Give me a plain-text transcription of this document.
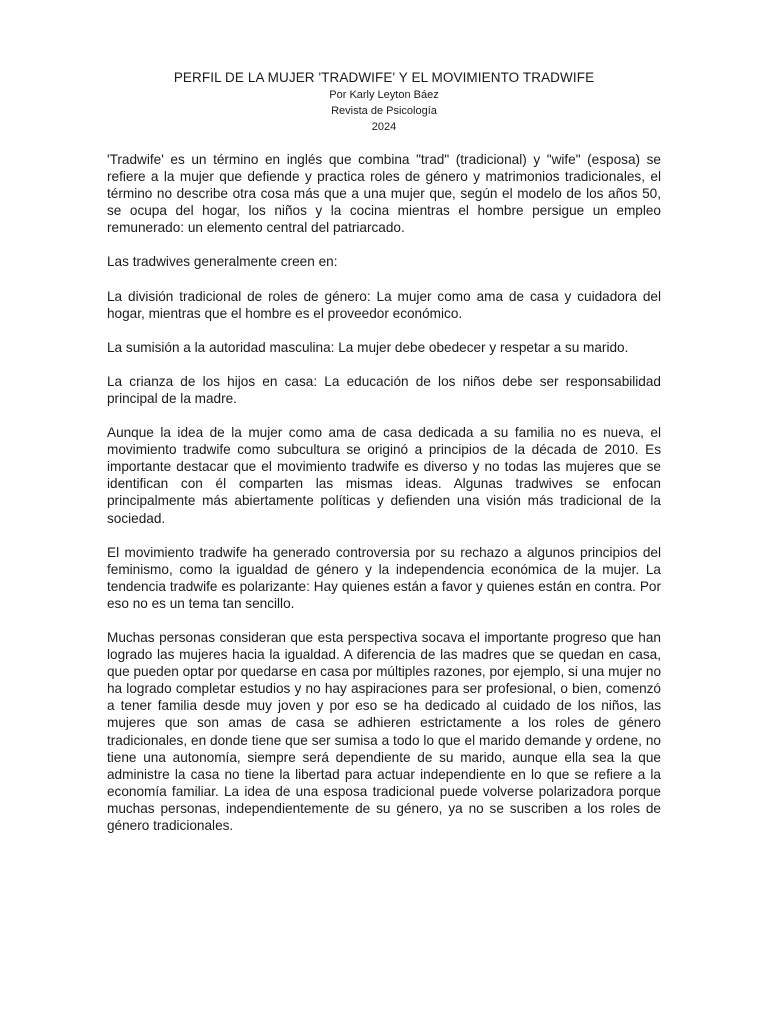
PERFIL DE LA MUJER 'TRADWIFE' Y EL MOVIMIENTO TRADWIFE

Por Karly Leyton Báez

Revista de Psicología

2024

'Tradwife' es un término en inglés que combina "trad" (tradicional) y "wife" (esposa) se refiere a la mujer que defiende y practica roles de género y matrimonios tradicionales, el término no describe otra cosa más que a una mujer que, según el modelo de los años 50, se ocupa del hogar, los niños y la cocina mientras el hombre persigue un empleo remunerado: un elemento central del patriarcado.

Las tradwives generalmente creen en:

La división tradicional de roles de género: La mujer como ama de casa y cuidadora del hogar, mientras que el hombre es el proveedor económico.

La sumisión a la autoridad masculina: La mujer debe obedecer y respetar a su marido.

La crianza de los hijos en casa: La educación de los niños debe ser responsabilidad principal de la madre.

Aunque la idea de la mujer como ama de casa dedicada a su familia no es nueva, el movimiento tradwife como subcultura se originó a principios de la década de 2010. Es importante destacar que el movimiento tradwife es diverso y no todas las mujeres que se identifican con él comparten las mismas ideas. Algunas tradwives se enfocan principalmente más abiertamente políticas y defienden una visión más tradicional de la sociedad.

El movimiento tradwife ha generado controversia por su rechazo a algunos principios del feminismo, como la igualdad de género y la independencia económica de la mujer. La tendencia tradwife es polarizante: Hay quienes están a favor y quienes están en contra. Por eso no es un tema tan sencillo.

Muchas personas consideran que esta perspectiva socava el importante progreso que han logrado las mujeres hacia la igualdad. A diferencia de las madres que se quedan en casa, que pueden optar por quedarse en casa por múltiples razones, por ejemplo, si una mujer no ha logrado completar estudios y no hay aspiraciones para ser profesional, o bien, comenzó a tener familia desde muy joven y por eso se ha dedicado al cuidado de los niños, las mujeres que son amas de casa se adhieren estrictamente a los roles de género tradicionales, en donde tiene que ser sumisa a todo lo que el marido demande y ordene, no tiene una autonomía, siempre será dependiente de su marido, aunque ella sea la que administre la casa no tiene la libertad para actuar independiente en lo que se refiere a la economía familiar. La idea de una esposa tradicional puede volverse polarizadora porque muchas personas, independientemente de su género, ya no se suscriben a los roles de género tradicionales.
